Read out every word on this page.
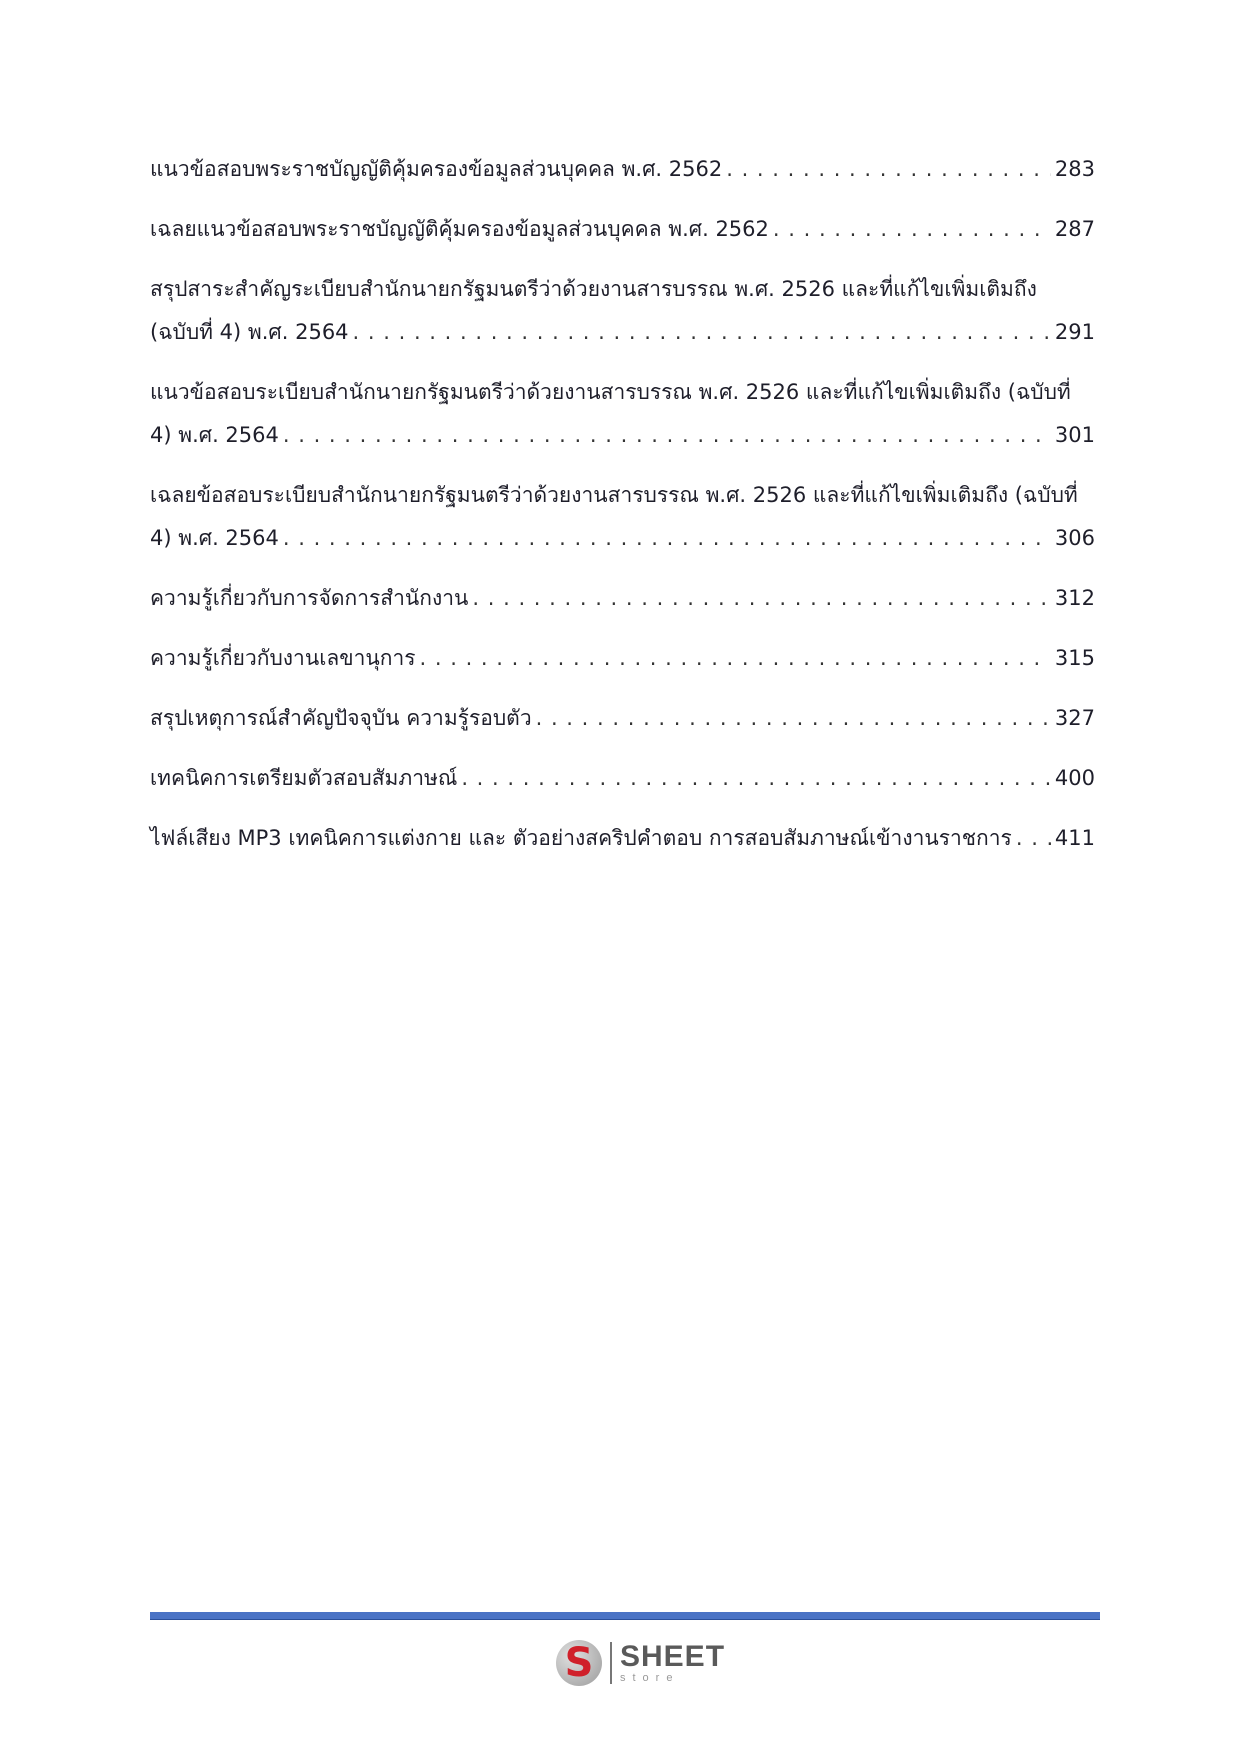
แนวข้อสอบพระราชบัญญัติคุ้มครองข้อมูลส่วนบุคคล พ.ศ. 2562 . . .	283
เฉลยแนวข้อสอบพระราชบัญญัติคุ้มครองข้อมูลส่วนบุคคล พ.ศ. 2562 . . .	287
สรุปสาระสำคัญระเบียบสำนักนายกรัฐมนตรีว่าด้วยงานสารบรรณ พ.ศ. 2526 และที่แก้ไขเพิ่มเติมถึง
(ฉบับที่ 4) พ.ศ. 2564 . . .	291
แนวข้อสอบระเบียบสำนักนายกรัฐมนตรีว่าด้วยงานสารบรรณ พ.ศ. 2526 และที่แก้ไขเพิ่มเติมถึง (ฉบับที่
4) พ.ศ. 2564 . . .	301
เฉลยข้อสอบระเบียบสำนักนายกรัฐมนตรีว่าด้วยงานสารบรรณ พ.ศ. 2526 และที่แก้ไขเพิ่มเติมถึง (ฉบับที่
4) พ.ศ. 2564 . . .	306
ความรู้เกี่ยวกับการจัดการสำนักงาน . . .	312
ความรู้เกี่ยวกับงานเลขานุการ . . .	315
สรุปเหตุการณ์สำคัญปัจจุบัน ความรู้รอบตัว . . .	327
เทคนิคการเตรียมตัวสอบสัมภาษณ์ . . .	400
ไฟล์เสียง MP3 เทคนิคการแต่งกาย และ ตัวอย่างสคริปคำตอบ การสอบสัมภาษณ์เข้างานราชการ . . . 411
S SHEET
store
